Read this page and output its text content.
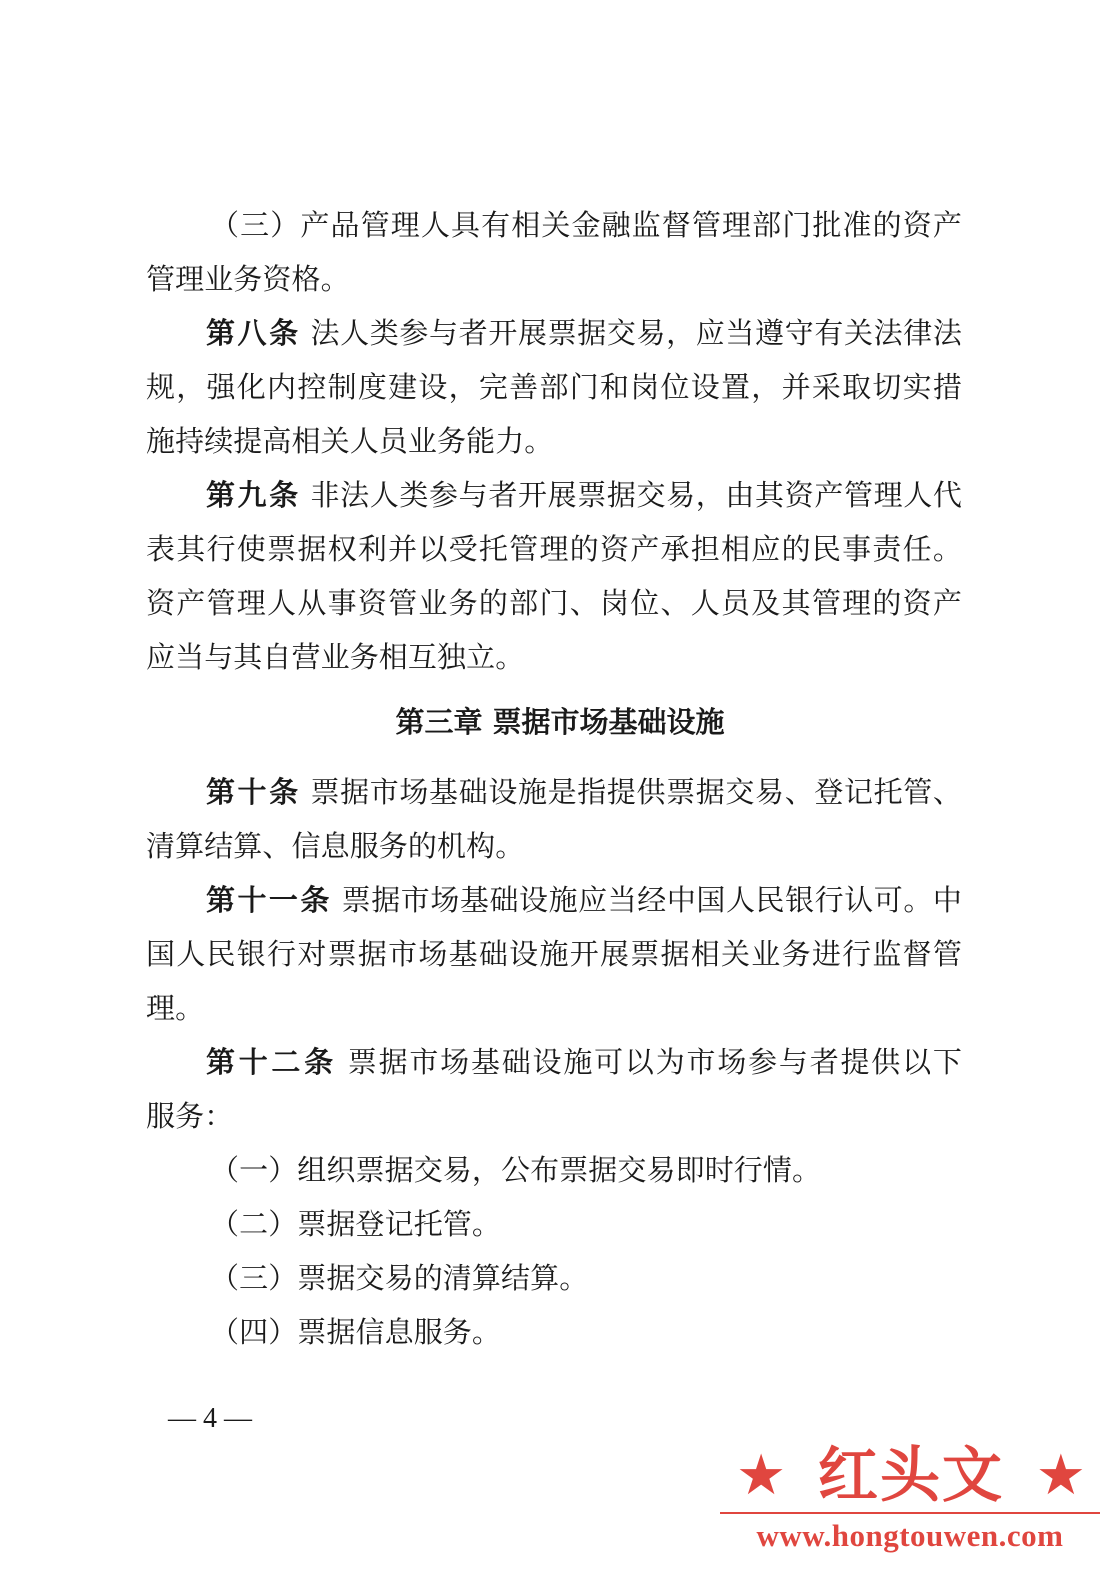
（三）产品管理人具有相关金融监督管理部门批准的资产
管理业务资格。
第八条 法人类参与者开展票据交易，应当遵守有关法律法
规，强化内控制度建设，完善部门和岗位设置，并采取切实措
施持续提高相关人员业务能力。
第九条 非法人类参与者开展票据交易，由其资产管理人代
表其行使票据权利并以受托管理的资产承担相应的民事责任。
资产管理人从事资管业务的部门、岗位、人员及其管理的资产
应当与其自营业务相互独立。
第三章 票据市场基础设施
第十条 票据市场基础设施是指提供票据交易、登记托管、
清算结算、信息服务的机构。
第十一条 票据市场基础设施应当经中国人民银行认可。中
国人民银行对票据市场基础设施开展票据相关业务进行监督管
理。
第十二条 票据市场基础设施可以为市场参与者提供以下
服务：
（一）组织票据交易，公布票据交易即时行情。
（二）票据登记托管。
（三）票据交易的清算结算。
（四）票据信息服务。
— 4 —
★ 红头文 ★
www.hongtouwen.com
